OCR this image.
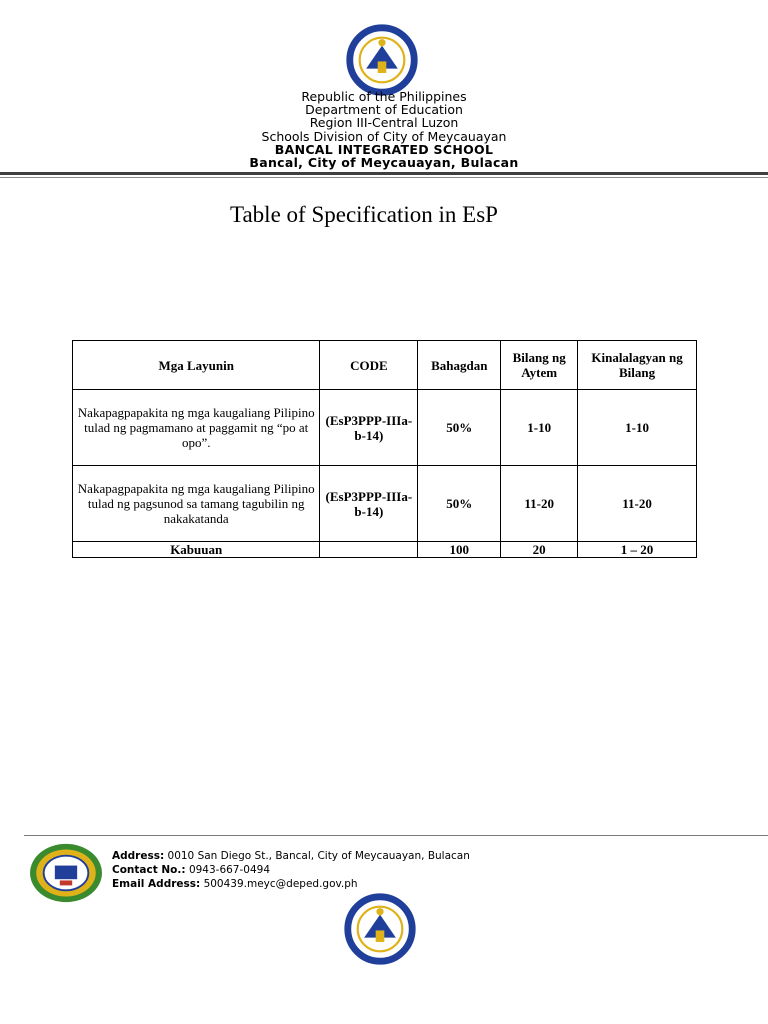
Republic of the Philippines
Department of Education
Region III-Central Luzon
Schools Division of City of Meycauayan
BANCAL INTEGRATED SCHOOL
Bancal, City of Meycauayan, Bulacan
Table of Specification in EsP
Mga Layunin	CODE	Bahagdan	Bilang ng Aytem	Kinalalagyan ng Bilang
Nakapagpapakita ng mga kaugaliang Pilipino tulad ng pagmamano at paggamit ng “po at opo”.	(EsP3PPP-IIIa-b-14)	50%	1-10	1-10
Nakapagpapakita ng mga kaugaliang Pilipino tulad ng pagsunod sa tamang tagubilin ng nakakatanda	(EsP3PPP-IIIa-b-14)	50%	11-20	11-20
Kabuuan		100	20	1 – 20
Address: 0010 San Diego St., Bancal, City of Meycauayan, Bulacan
Contact No.: 0943-667-0494
Email Address: 500439.meyc@deped.gov.ph
